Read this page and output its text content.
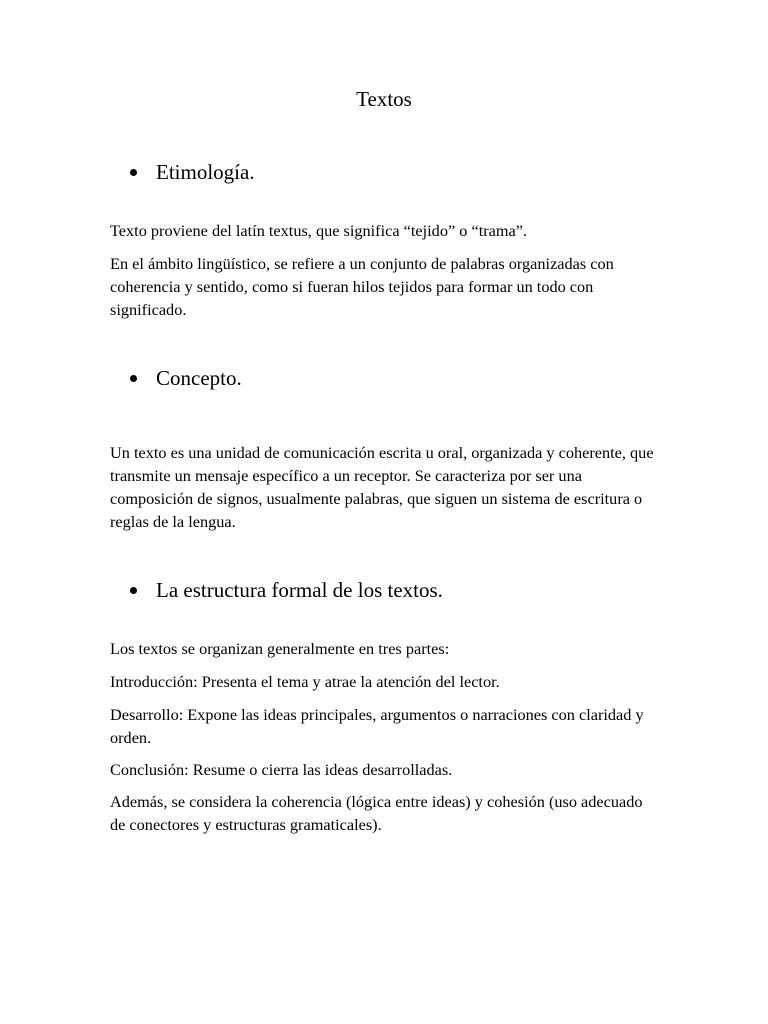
Textos
Etimología.
Texto proviene del latín textus, que significa “tejido” o “trama”.
En el ámbito lingüístico, se refiere a un conjunto de palabras organizadas con coherencia y sentido, como si fueran hilos tejidos para formar un todo con significado.
Concepto.
Un texto es una unidad de comunicación escrita u oral, organizada y coherente, que transmite un mensaje específico a un receptor. Se caracteriza por ser una composición de signos, usualmente palabras, que siguen un sistema de escritura o reglas de la lengua.
La estructura formal de los textos.
Los textos se organizan generalmente en tres partes:
Introducción: Presenta el tema y atrae la atención del lector.
Desarrollo: Expone las ideas principales, argumentos o narraciones con claridad y orden.
Conclusión: Resume o cierra las ideas desarrolladas.
Además, se considera la coherencia (lógica entre ideas) y cohesión (uso adecuado de conectores y estructuras gramaticales).
